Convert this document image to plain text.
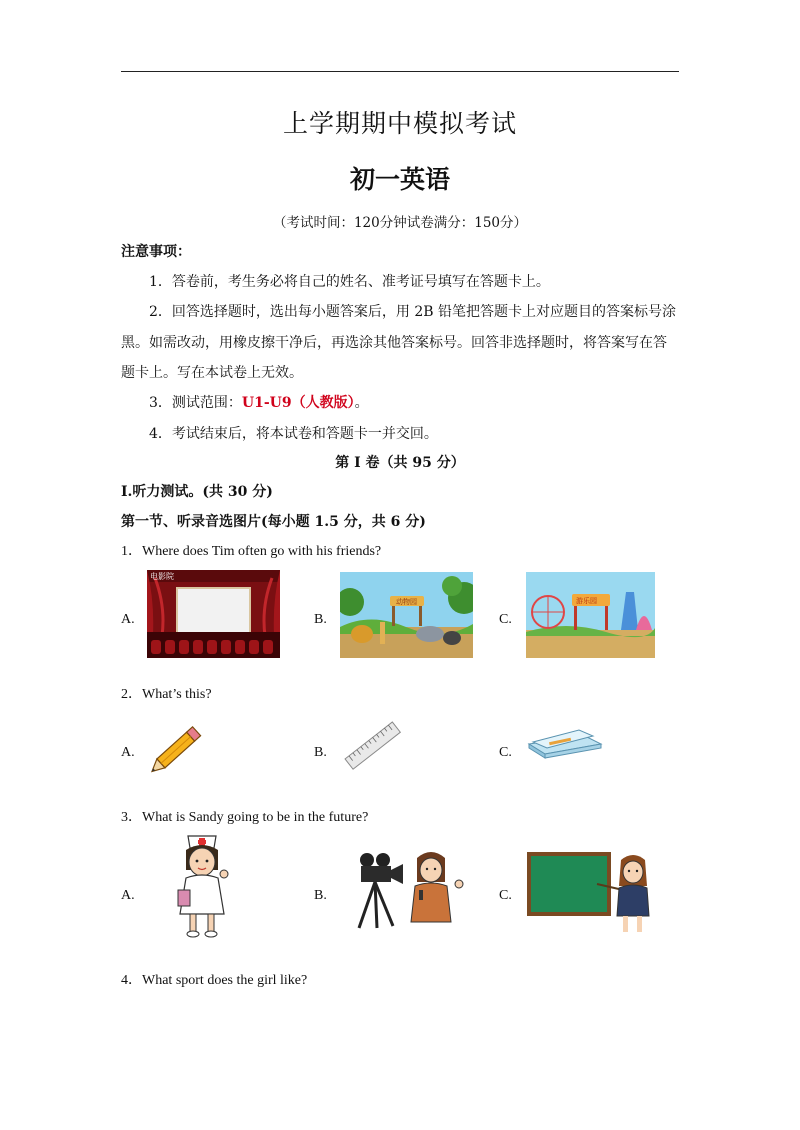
上学期期中模拟考试
初一英语
（考试时间：120分钟试卷满分：150分）
注意事项：
1．答卷前，考生务必将自己的姓名、准考证号填写在答题卡上。
2．回答选择题时，选出每小题答案后，用 2B 铅笔把答题卡上对应题目的答案标号涂
黑。如需改动，用橡皮擦干净后，再选涂其他答案标号。回答非选择题时，将答案写在答
题卡上。写在本试卷上无效。
3．测试范围：U1-U9（人教版）。
4．考试结束后，将本试卷和答题卡一并交回。
第 I 卷（共 95 分）
I.听力测试。(共 30 分)
第一节、听录音选图片(每小题 1.5 分，共 6 分)
1．Where does Tim often go with his friends?
A.
电影院
B.
动物园
C.
游乐园
2．What’s this?
A.	B.	C.
3．What is Sandy going to be in the future?
A.	B.	C.
4．What sport does the girl like?
